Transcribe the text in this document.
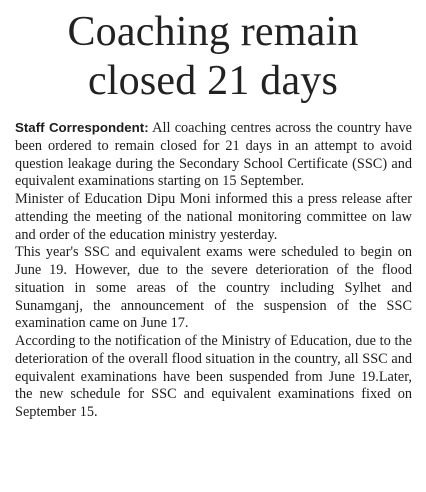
Coaching remain
closed 21 days

Staff Correspondent: All coaching centres across the country have been ordered to remain closed for 21 days in an attempt to avoid question leakage during the Secondary School Certificate (SSC) and equivalent examinations starting on 15 September.

Minister of Education Dipu Moni informed this a press release after attending the meeting of the national monitoring committee on law and order of the education ministry yesterday.

This year's SSC and equivalent exams were scheduled to begin on June 19. However, due to the severe deterioration of the flood situation in some areas of the country including Sylhet and Sunamganj, the announcement of the suspension of the SSC examination came on June 17.

According to the notification of the Ministry of Education, due to the deterioration of the overall flood situation in the country, all SSC and equivalent examinations have been suspended from June 19.Later, the new schedule for SSC and equivalent examinations fixed on September 15.
